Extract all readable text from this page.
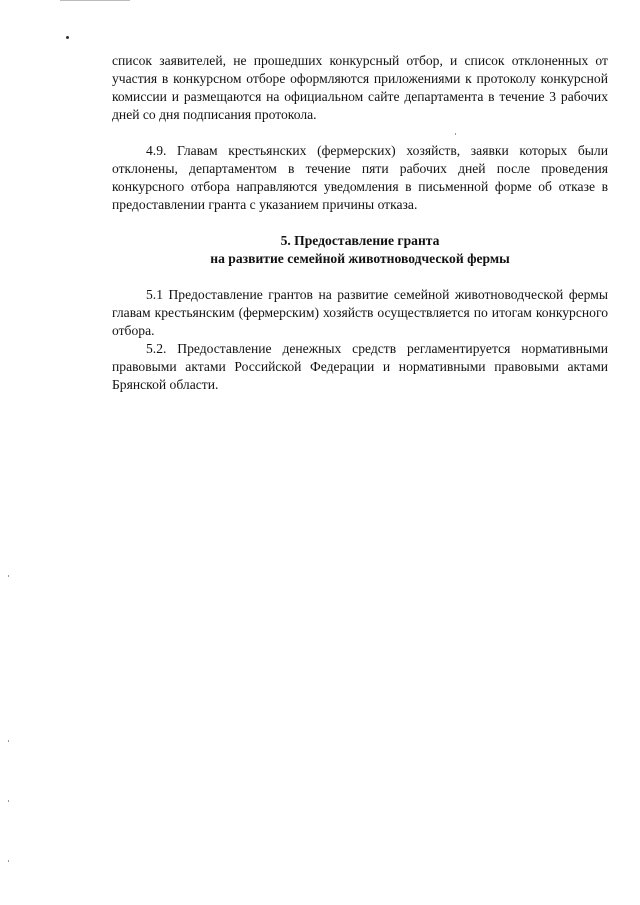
список заявителей, не прошедших конкурсный отбор, и список отклоненных от участия в конкурсном отборе оформляются приложениями к протоколу конкурсной комиссии и размещаются на официальном сайте департамента в течение 3 рабочих дней со дня подписания протокола.

4.9. Главам крестьянских (фермерских) хозяйств, заявки которых были отклонены, департаментом в течение пяти рабочих дней после проведения конкурсного отбора направляются уведомления в письменной форме об отказе в предоставлении гранта с указанием причины отказа.

5. Предоставление гранта
на развитие семейной животноводческой фермы

5.1 Предоставление грантов на развитие семейной животноводческой фермы главам крестьянским (фермерским) хозяйств осуществляется по итогам конкурсного отбора.

5.2. Предоставление денежных средств регламентируется нормативными правовыми актами Российской Федерации и нормативными правовыми актами Брянской области.
